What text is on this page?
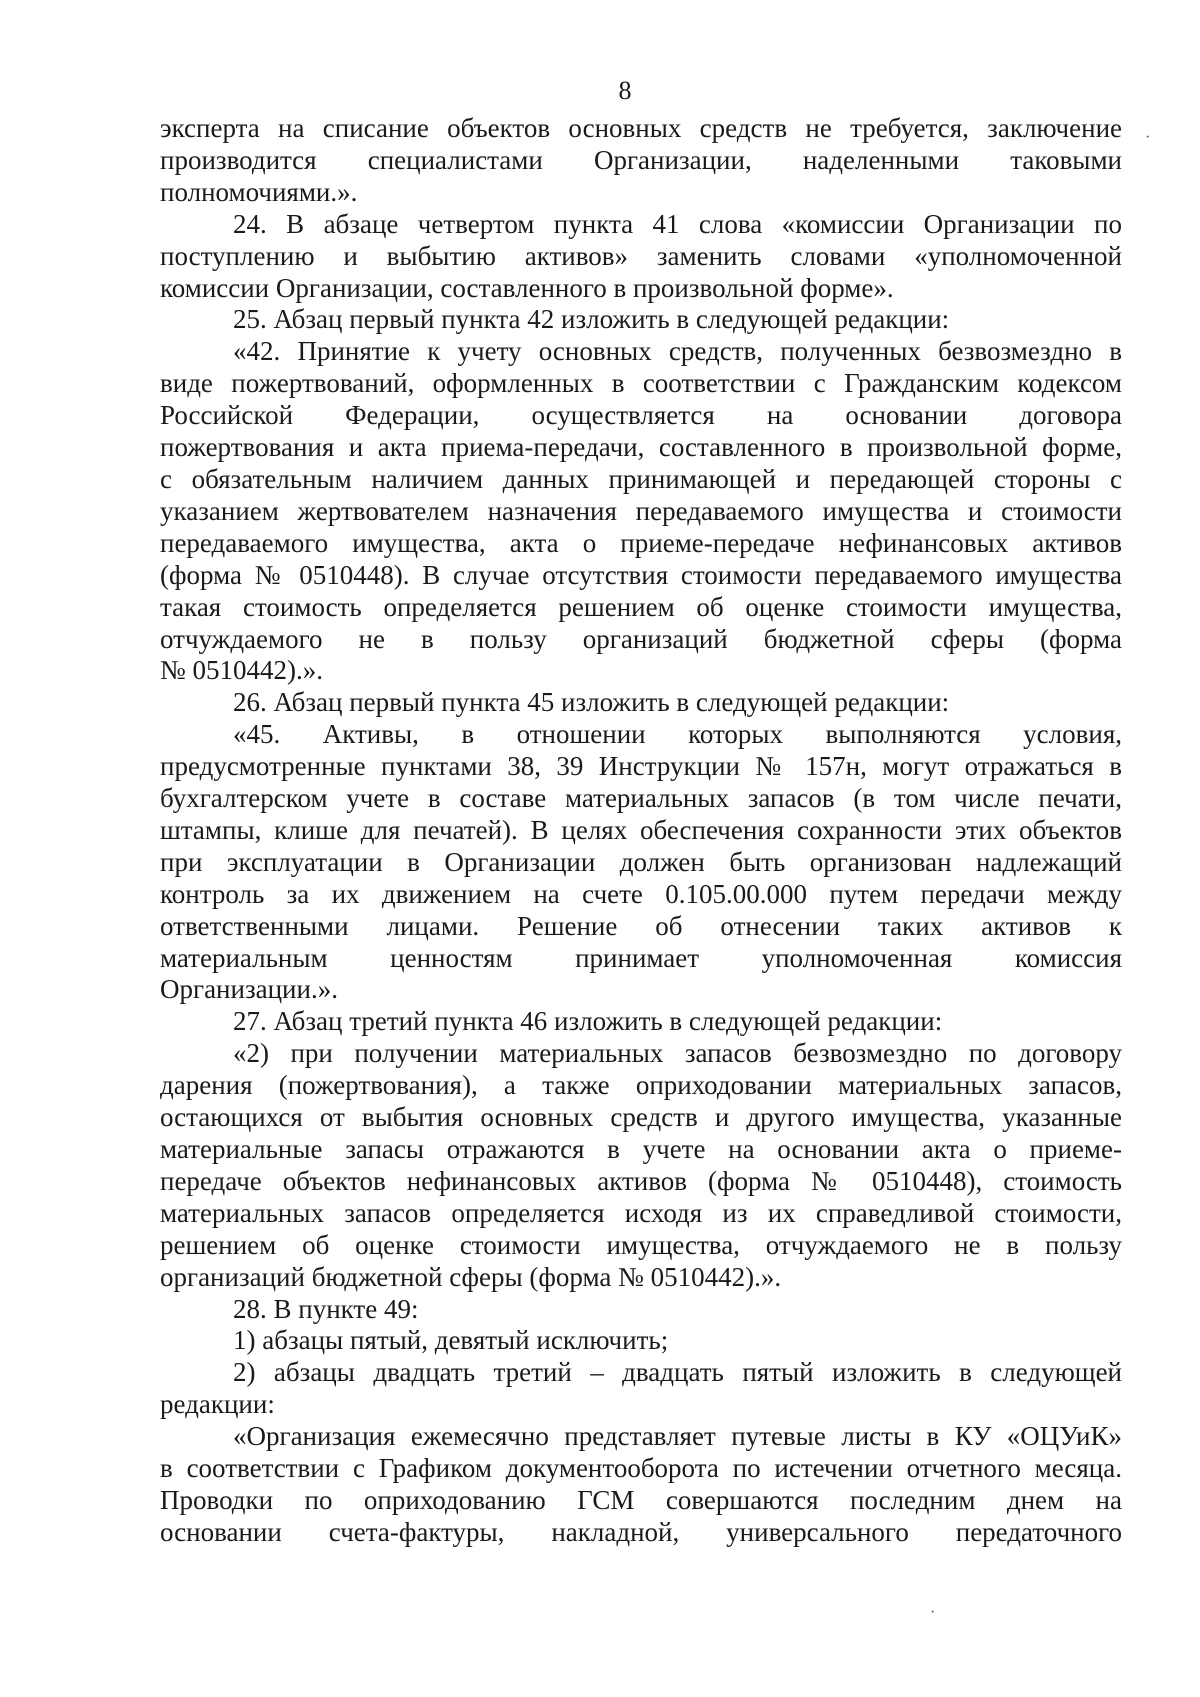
8
эксперта на списание объектов основных средств не требуется, заключение
производится специалистами Организации, наделенными таковыми
полномочиями.».
24. В абзаце четвертом пункта 41 слова «комиссии Организации по
поступлению и выбытию активов» заменить словами «уполномоченной
комиссии Организации, составленного в произвольной форме».
25. Абзац первый пункта 42 изложить в следующей редакции:
«42. Принятие к учету основных средств, полученных безвозмездно в
виде пожертвований, оформленных в соответствии с Гражданским кодексом
Российской Федерации, осуществляется на основании договора
пожертвования и акта приема-передачи, составленного в произвольной форме,
с обязательным наличием данных принимающей и передающей стороны с
указанием жертвователем назначения передаваемого имущества и стоимости
передаваемого имущества, акта о приеме-передаче нефинансовых активов
(форма № 0510448). В случае отсутствия стоимости передаваемого имущества
такая стоимость определяется решением об оценке стоимости имущества,
отчуждаемого не в пользу организаций бюджетной сферы (форма
№ 0510442).».
26. Абзац первый пункта 45 изложить в следующей редакции:
«45. Активы, в отношении которых выполняются условия,
предусмотренные пунктами 38, 39 Инструкции № 157н, могут отражаться в
бухгалтерском учете в составе материальных запасов (в том числе печати,
штампы, клише для печатей). В целях обеспечения сохранности этих объектов
при эксплуатации в Организации должен быть организован надлежащий
контроль за их движением на счете 0.105.00.000 путем передачи между
ответственными лицами. Решение об отнесении таких активов к
материальным ценностям принимает уполномоченная комиссия
Организации.».
27. Абзац третий пункта 46 изложить в следующей редакции:
«2) при получении материальных запасов безвозмездно по договору
дарения (пожертвования), а также оприходовании материальных запасов,
остающихся от выбытия основных средств и другого имущества, указанные
материальные запасы отражаются в учете на основании акта о приеме-
передаче объектов нефинансовых активов (форма № 0510448), стоимость
материальных запасов определяется исходя из их справедливой стоимости,
решением об оценке стоимости имущества, отчуждаемого не в пользу
организаций бюджетной сферы (форма № 0510442).».
28. В пункте 49:
1) абзацы пятый, девятый исключить;
2) абзацы двадцать третий – двадцать пятый изложить в следующей
редакции:
«Организация ежемесячно представляет путевые листы в КУ «ОЦУиК»
в соответствии с Графиком документооборота по истечении отчетного месяца.
Проводки по оприходованию ГСМ совершаются последним днем на
основании счета-фактуры, накладной, универсального передаточного
·
·
